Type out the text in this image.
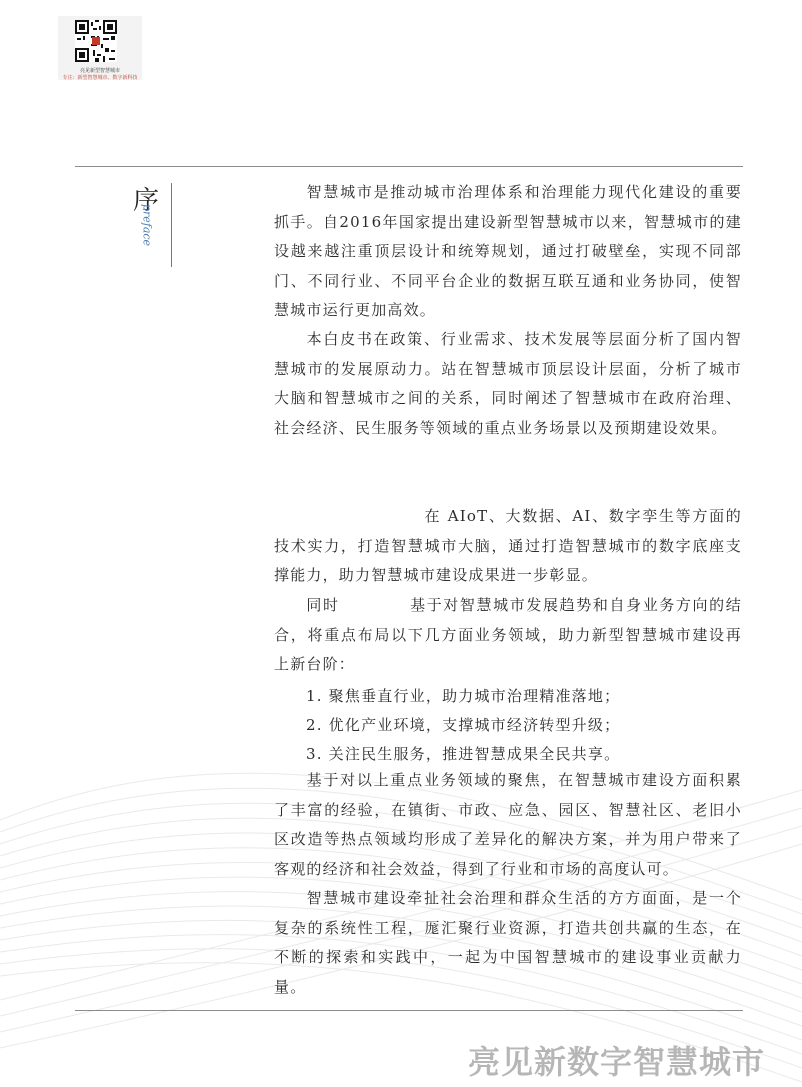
亮见新型智慧城市
专注：新型智慧城市、数字新科技
序
preface
智慧城市是推动城市治理体系和治理能力现代化建设的重要抓手。自2016年国家提出建设新型智慧城市以来，智慧城市的建设越来越注重顶层设计和统筹规划，通过打破壁垒，实现不同部门、不同行业、不同平台企业的数据互联互通和业务协同，使智慧城市运行更加高效。
本白皮书在政策、行业需求、技术发展等层面分析了国内智慧城市的发展原动力。站在智慧城市顶层设计层面，分析了城市大脑和智慧城市之间的关系，同时阐述了智慧城市在政府治理、社会经济、民生服务等领域的重点业务场景以及预期建设效果。
在 AIoT、大数据、AI、数字孪生等方面的技术实力，打造智慧城市大脑，通过打造智慧城市的数字底座支撑能力，助力智慧城市建设成果进一步彰显。
同时	基于对智慧城市发展趋势和自身业务方向的结合，将重点布局以下几方面业务领域，助力新型智慧城市建设再上新台阶：
1. 聚焦垂直行业，助力城市治理精准落地；
2. 优化产业环境，支撑城市经济转型升级；
3. 关注民生服务，推进智慧成果全民共享。
基于对以上重点业务领域的聚焦，在智慧城市建设方面积累了丰富的经验，在镇街、市政、应急、园区、智慧社区、老旧小区改造等热点领域均形成了差异化的解决方案，并为用户带来了客观的经济和社会效益，得到了行业和市场的高度认可。
智慧城市建设牵扯社会治理和群众生活的方方面面，是一个复杂的系统性工程，厖汇聚行业资源，打造共创共赢的生态，在不断的探索和实践中，一起为中国智慧城市的建设事业贡献力量。
亮见新数字智慧城市
